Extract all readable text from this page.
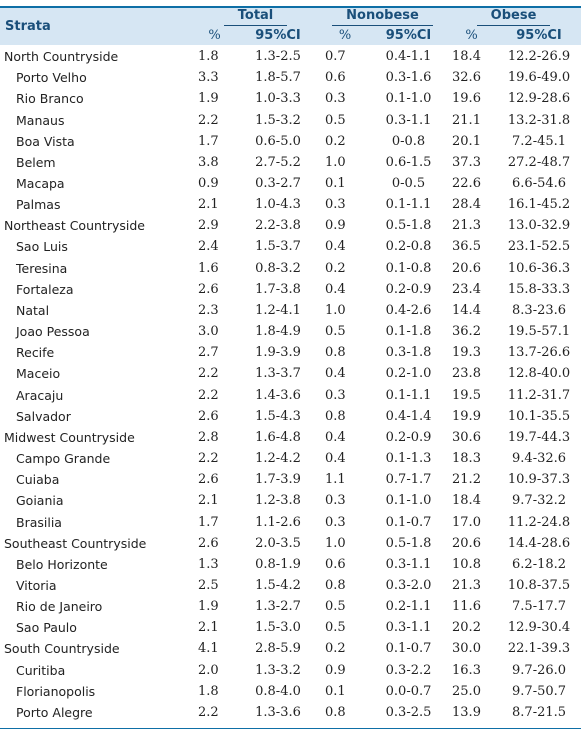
Strata	Total		Nonobese		Obese	
	%	95%CI	%	95%CI	%	95%CI
North Countryside	1.8	1.3-2.5	0.7	0.4-1.1	18.4	12.2-26.9
Porto Velho	3.3	1.8-5.7	0.6	0.3-1.6	32.6	19.6-49.0
Rio Branco	1.9	1.0-3.3	0.3	0.1-1.0	19.6	12.9-28.6
Manaus	2.2	1.5-3.2	0.5	0.3-1.1	21.1	13.2-31.8
Boa Vista	1.7	0.6-5.0	0.2	0-0.8	20.1	7.2-45.1
Belem	3.8	2.7-5.2	1.0	0.6-1.5	37.3	27.2-48.7
Macapa	0.9	0.3-2.7	0.1	0-0.5	22.6	6.6-54.6
Palmas	2.1	1.0-4.3	0.3	0.1-1.1	28.4	16.1-45.2
Northeast Countryside	2.9	2.2-3.8	0.9	0.5-1.8	21.3	13.0-32.9
Sao Luis	2.4	1.5-3.7	0.4	0.2-0.8	36.5	23.1-52.5
Teresina	1.6	0.8-3.2	0.2	0.1-0.8	20.6	10.6-36.3
Fortaleza	2.6	1.7-3.8	0.4	0.2-0.9	23.4	15.8-33.3
Natal	2.3	1.2-4.1	1.0	0.4-2.6	14.4	8.3-23.6
Joao Pessoa	3.0	1.8-4.9	0.5	0.1-1.8	36.2	19.5-57.1
Recife	2.7	1.9-3.9	0.8	0.3-1.8	19.3	13.7-26.6
Maceio	2.2	1.3-3.7	0.4	0.2-1.0	23.8	12.8-40.0
Aracaju	2.2	1.4-3.6	0.3	0.1-1.1	19.5	11.2-31.7
Salvador	2.6	1.5-4.3	0.8	0.4-1.4	19.9	10.1-35.5
Midwest Countryside	2.8	1.6-4.8	0.4	0.2-0.9	30.6	19.7-44.3
Campo Grande	2.2	1.2-4.2	0.4	0.1-1.3	18.3	9.4-32.6
Cuiaba	2.6	1.7-3.9	1.1	0.7-1.7	21.2	10.9-37.3
Goiania	2.1	1.2-3.8	0.3	0.1-1.0	18.4	9.7-32.2
Brasilia	1.7	1.1-2.6	0.3	0.1-0.7	17.0	11.2-24.8
Southeast Countryside	2.6	2.0-3.5	1.0	0.5-1.8	20.6	14.4-28.6
Belo Horizonte	1.3	0.8-1.9	0.6	0.3-1.1	10.8	6.2-18.2
Vitoria	2.5	1.5-4.2	0.8	0.3-2.0	21.3	10.8-37.5
Rio de Janeiro	1.9	1.3-2.7	0.5	0.2-1.1	11.6	7.5-17.7
Sao Paulo	2.1	1.5-3.0	0.5	0.3-1.1	20.2	12.9-30.4
South Countryside	4.1	2.8-5.9	0.2	0.1-0.7	30.0	22.1-39.3
Curitiba	2.0	1.3-3.2	0.9	0.3-2.2	16.3	9.7-26.0
Florianopolis	1.8	0.8-4.0	0.1	0.0-0.7	25.0	9.7-50.7
Porto Alegre	2.2	1.3-3.6	0.8	0.3-2.5	13.9	8.7-21.5
